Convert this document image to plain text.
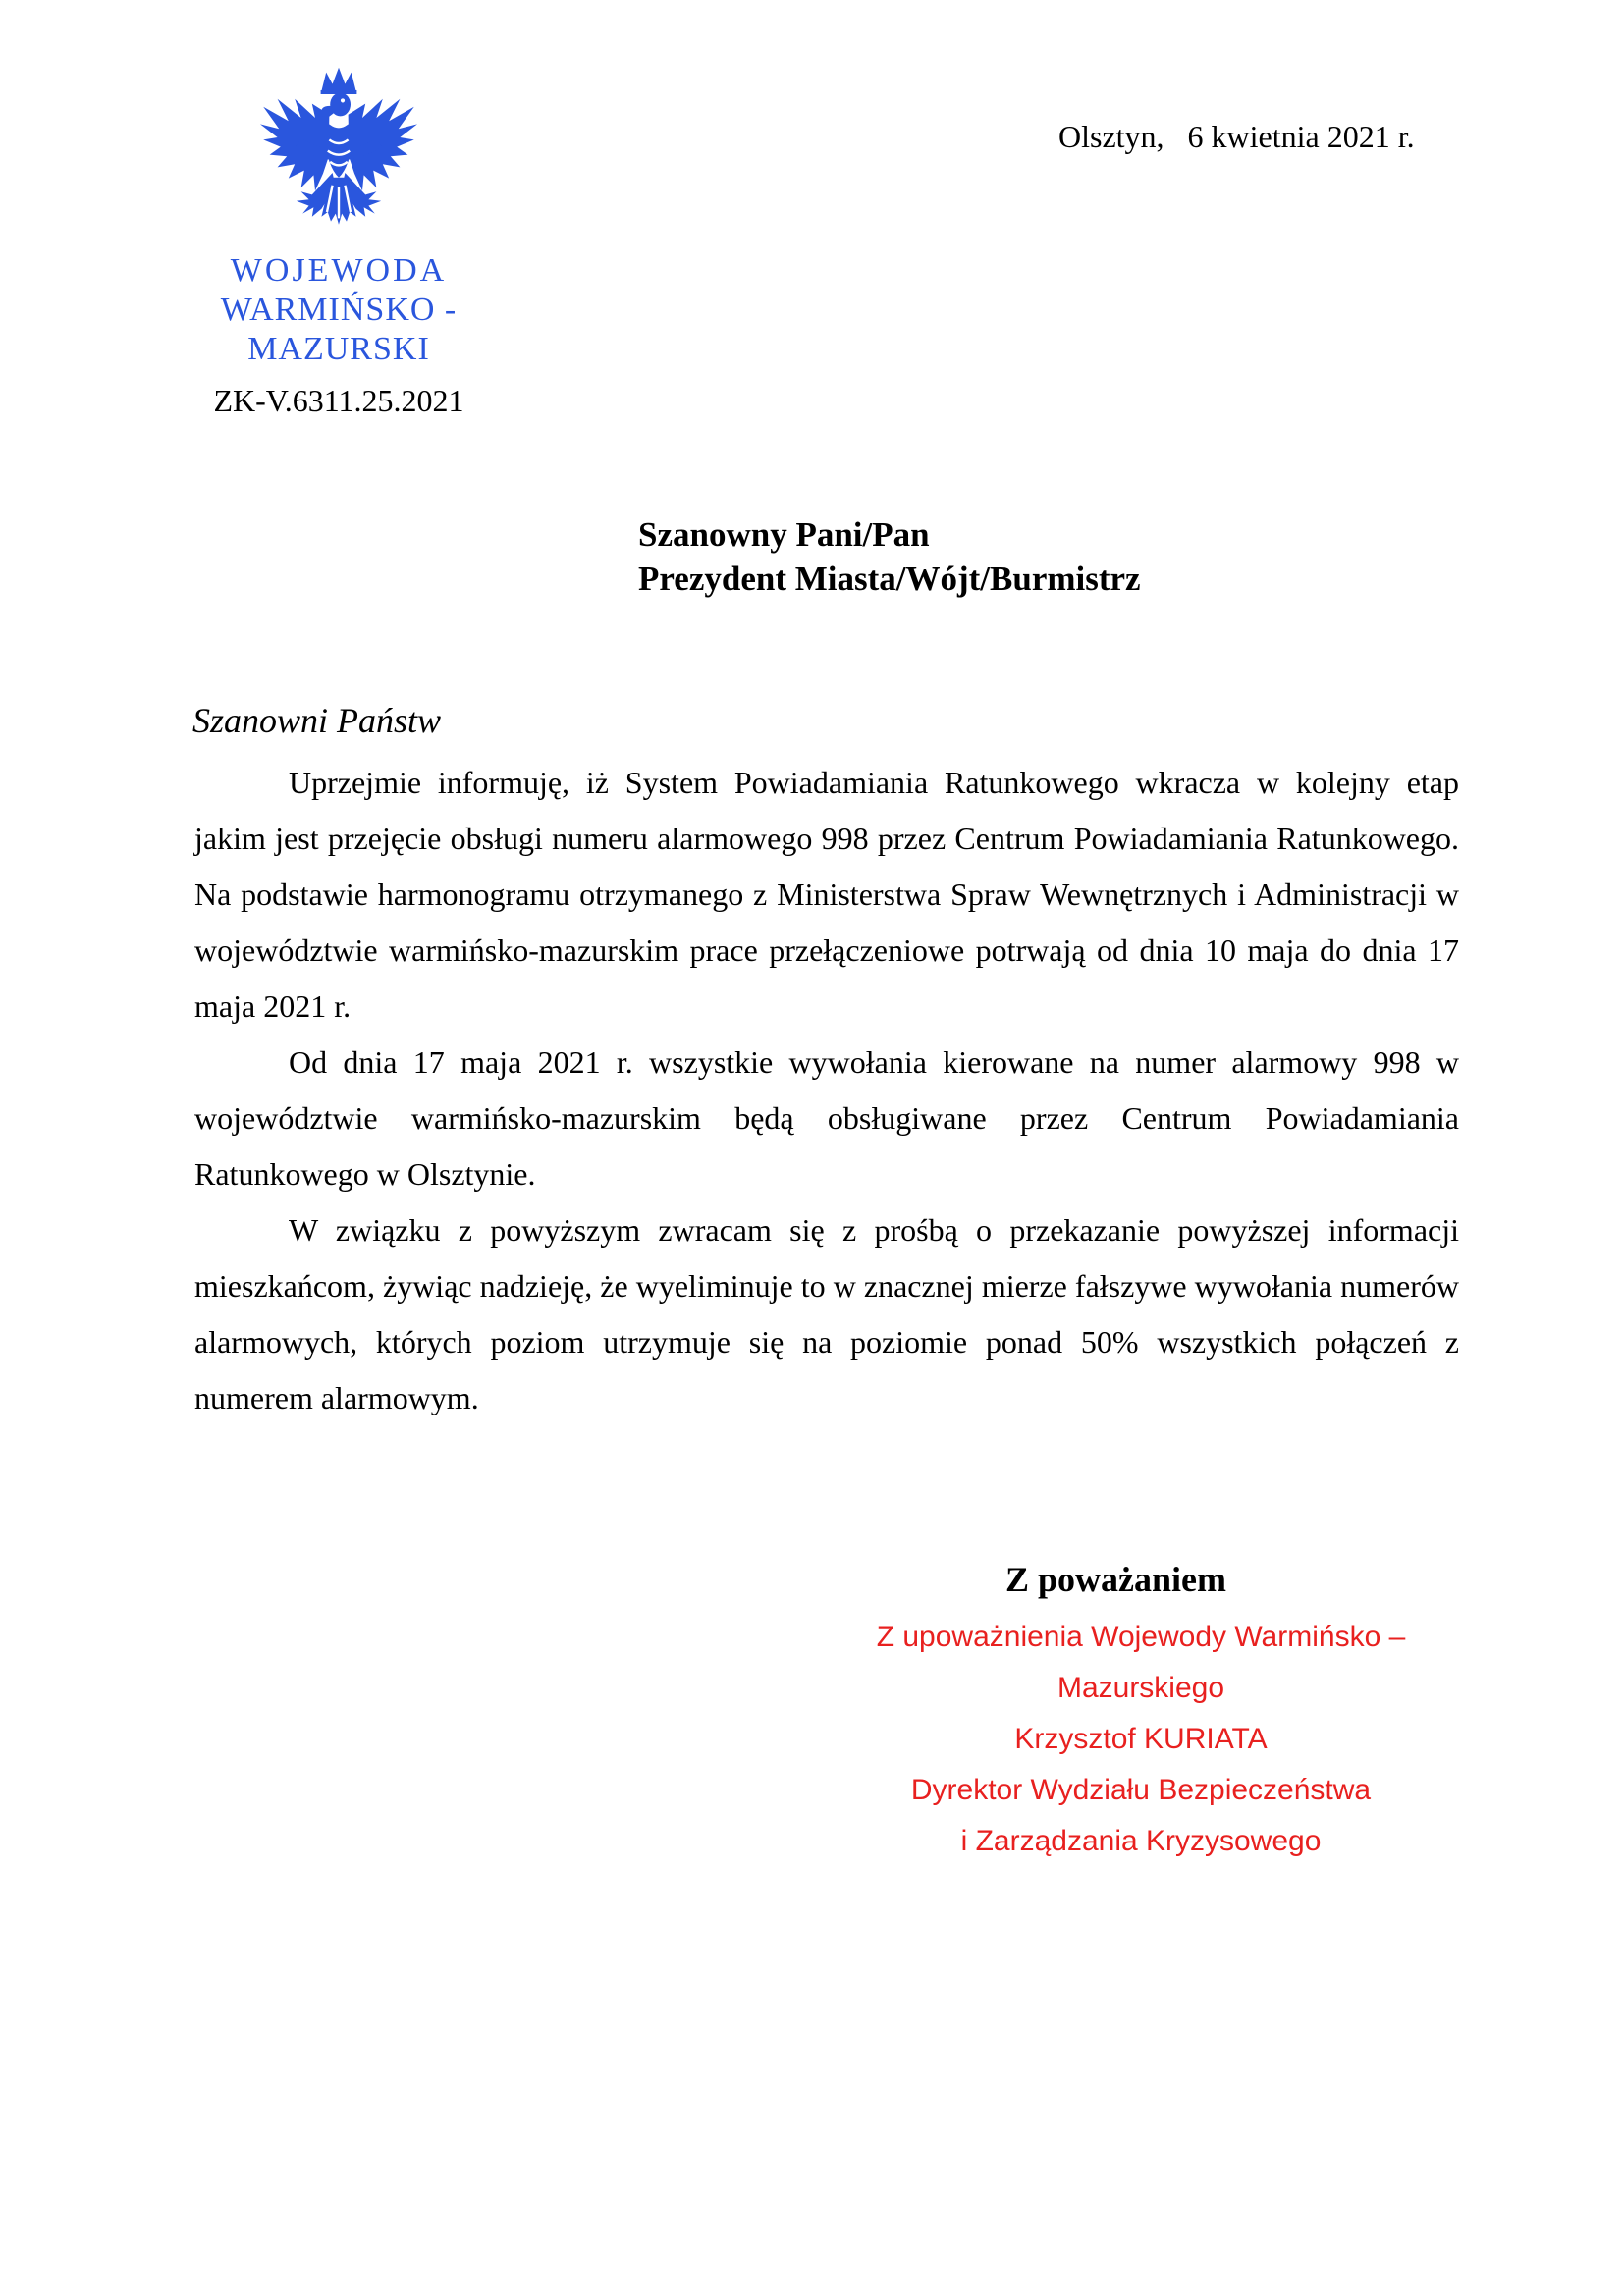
WOJEWODA
WARMIŃSKO - MAZURSKI
ZK-V.6311.25.2021
Olsztyn,   6 kwietnia 2021 r.
Szanowny Pani/Pan
Prezydent Miasta/Wójt/Burmistrz
Szanowni Państw

Uprzejmie informuję, iż System Powiadamiania Ratunkowego wkracza w kolejny etap jakim jest przejęcie obsługi numeru alarmowego 998 przez Centrum Powiadamiania Ratunkowego. Na podstawie harmonogramu otrzymanego z Ministerstwa Spraw Wewnętrznych i Administracji w województwie warmińsko-mazurskim prace przełączeniowe potrwają od dnia 10 maja do dnia 17 maja 2021 r.

Od dnia 17 maja 2021 r. wszystkie wywołania kierowane na numer alarmowy 998 w województwie warmińsko-mazurskim będą obsługiwane przez Centrum Powiadamiania Ratunkowego w Olsztynie.

W związku z powyższym zwracam się z prośbą o przekazanie powyższej informacji mieszkańcom, żywiąc nadzieję, że wyeliminuje to w znacznej mierze fałszywe wywołania numerów alarmowych, których poziom utrzymuje się na poziomie ponad 50% wszystkich połączeń z numerem alarmowym.

Z poważaniem
Z upoważnienia Wojewody Warmińsko – Mazurskiego
Krzysztof KURIATA
Dyrektor Wydziału Bezpieczeństwa
i Zarządzania Kryzysowego
